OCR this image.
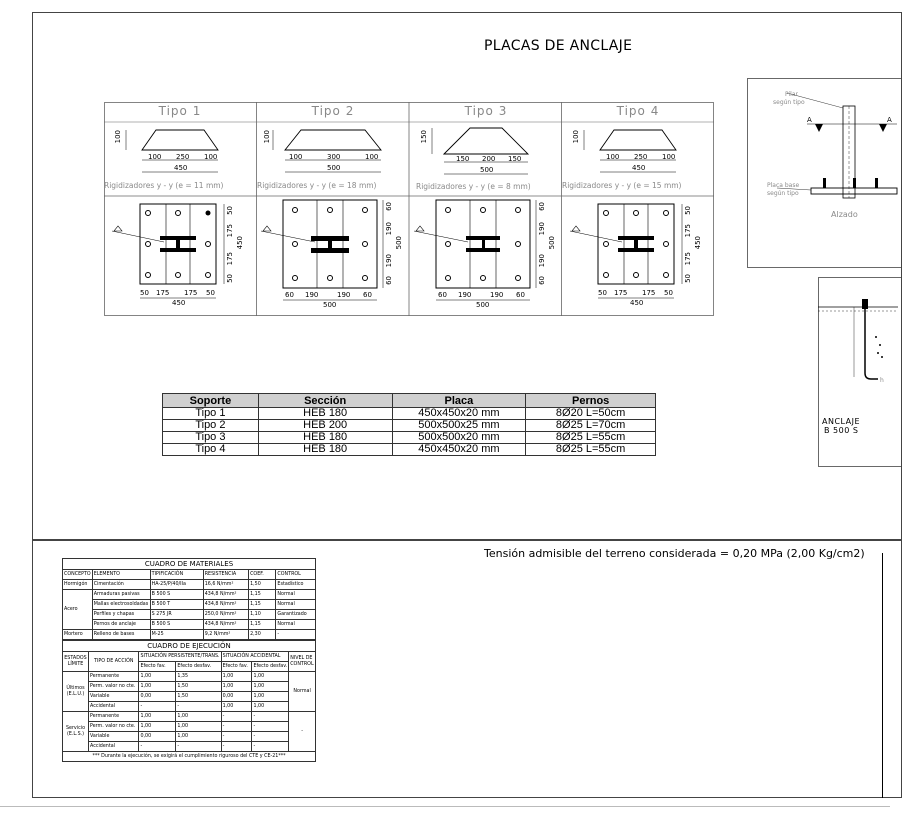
PLACAS DE ANCLAJE
Tipo 1
100
100 250 100
450
Rigidizadores y - y (e = 11 mm)
50 175 175 50
450
50
175
175
50
450
Tipo 2
100
100	300	100
500
Rigidizadores y - y (e = 18 mm)
60 190	190 60
500
60
190
190
60
500
Tipo 3
150
150 200 150
500
Rigidizadores y - y (e = 8 mm)
60 190	190 60
500
60
190
190
60
500
Tipo 4
100
100 250 100
450
Rigidizadores y - y (e = 15 mm)
50 175 175 50
450
50
175
175
50
450
Pilar
según tipo
A	A
Placa base
según tipo
Alzado
h
ANCLAJE
B 500 S
Soporte	Sección	Placa	Pernos
Tipo 1	HEB 180	450x450x20 mm	8Ø20 L=50cm
Tipo 2	HEB 200	500x500x25 mm	8Ø25 L=70cm
Tipo 3	HEB 180	500x500x20 mm	8Ø25 L=55cm
Tipo 4	HEB 180	450x450x20 mm	8Ø25 L=55cm
Tensión admisible del terreno considerada = 0,20 MPa (2,00 Kg/cm2)
CUADRO DE MATERIALES					
CONCEPTO	ELEMENTO	TIPIFICACIÓN	RESISTENCIA	COEF.	CONTROL
Hormigón	Cimentación	HA-25/P/40/IIa	16,6 N/mm²	1,50	Estadístico
Acero	Armaduras pasivas	B 500 S	434,8 N/mm²	1,15	Normal
	Mallas electrosoldadas	B 500 T	434,8 N/mm²	1,15	Normal
	Perfiles y chapas	S 275 JR	250,0 N/mm²	1,10	Garantizado
	Pernos de anclaje	B 500 S	434,8 N/mm²	1,15	Normal
Mortero	Relleno de bases	M-25	9,2 N/mm²	2,30	-
CUADRO DE EJECUCIÓN						
ESTADOS LÍMITE	TIPO DE ACCIÓN	SITUACIÓN PERSISTENTE/TRANS.		SITUACIÓN ACCIDENTAL		NIVEL DE CONTROL
		Efecto fav.	Efecto desfav.	Efecto fav.	Efecto desfav.	
Últimos (E.L.U.)	Permanente	1,00	1,35	1,00	1,00	Normal
	Perm. valor no cte.	1,00	1,50	1,00	1,00	
	Variable	0,00	1,50	0,00	1,00	
	Accidental	-	-	1,00	1,00	
Servicio (E.L.S.)	Permanente	1,00	1,00	-	-	-
	Perm. valor no cte.	1,00	1,00	-	-	
	Variable	0,00	1,00	-	-	
	Accidental	-	-	-	-	
*** Durante la ejecución, se exigirá el cumplimiento riguroso del CTE y CE-21***						
